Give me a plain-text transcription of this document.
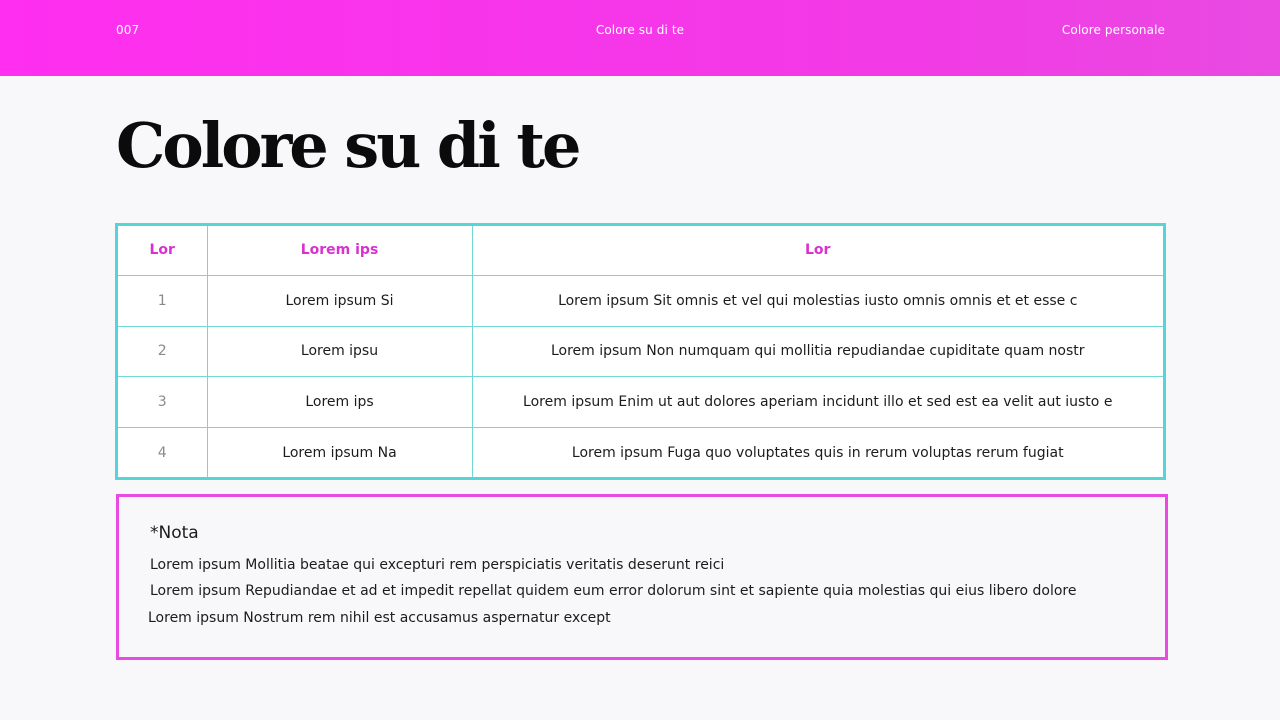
007	Colore su di te	Colore personale
Colore su di te
Lor	Lorem ips	Lor
1	Lorem ipsum Si	Lorem ipsum Sit omnis et vel qui molestias iusto omnis omnis et et esse c
2	Lorem ipsu	Lorem ipsum Non numquam qui mollitia repudiandae cupiditate quam nostr
3	Lorem ips	Lorem ipsum Enim ut aut dolores aperiam incidunt illo et sed est ea velit aut iusto e
4	Lorem ipsum Na	Lorem ipsum Fuga quo voluptates quis in rerum voluptas rerum fugiat

*Nota

Lorem ipsum Mollitia beatae qui excepturi rem perspiciatis veritatis deserunt reici

Lorem ipsum Repudiandae et ad et impedit repellat quidem eum error dolorum sint et sapiente quia molestias qui eius libero dolore

Lorem ipsum Nostrum rem nihil est accusamus aspernatur except
